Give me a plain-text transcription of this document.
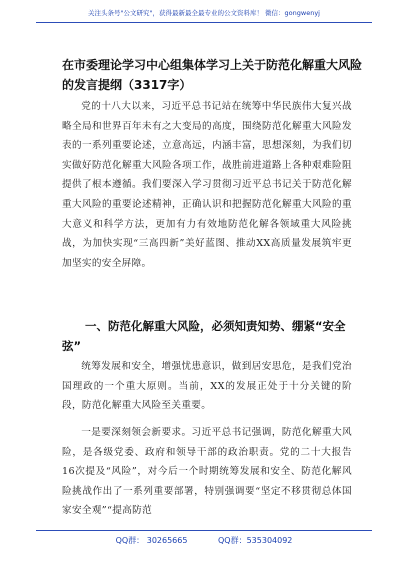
关注头条号"公文研究"，获得最新最全最专业的公文资料库！ 微信：gongwenyj
在市委理论学习中心组集体学习上关于防范化解重大风险的发言提纲（3317字）
党的十八大以来，习近平总书记站在统筹中华民族伟大复兴战略全局和世界百年未有之大变局的高度，围绕防范化解重大风险发表的一系列重要论述，立意高远，内涵丰富，思想深刻，为我们切实做好防范化解重大风险各项工作，战胜前进道路上各种艰难险阻提供了根本遵循。我们要深入学习贯彻习近平总书记关于防范化解重大风险的重要论述精神，正确认识和把握防范化解重大风险的重大意义和科学方法，更加有力有效地防范化解各领域重大风险挑战，为加快实现“三高四新”美好蓝图、推动XX高质量发展筑牢更加坚实的安全屏障。
一、防范化解重大风险，必须知责知势、绷紧“安全弦”
统筹发展和安全，增强忧患意识，做到居安思危，是我们党治国理政的一个重大原则。当前，XX的发展正处于十分关键的阶段，防范化解重大风险至关重要。
一是要深刻领会新要求。习近平总书记强调，防范化解重大风险，是各级党委、政府和领导干部的政治职责。党的二十大报告16次提及“风险”，对今后一个时期统筹发展和安全、防范化解风险挑战作出了一系列重要部署，特别强调要“坚定不移贯彻总体国家安全观”“提高防范
QQ群： 30265665	QQ群：535304092
